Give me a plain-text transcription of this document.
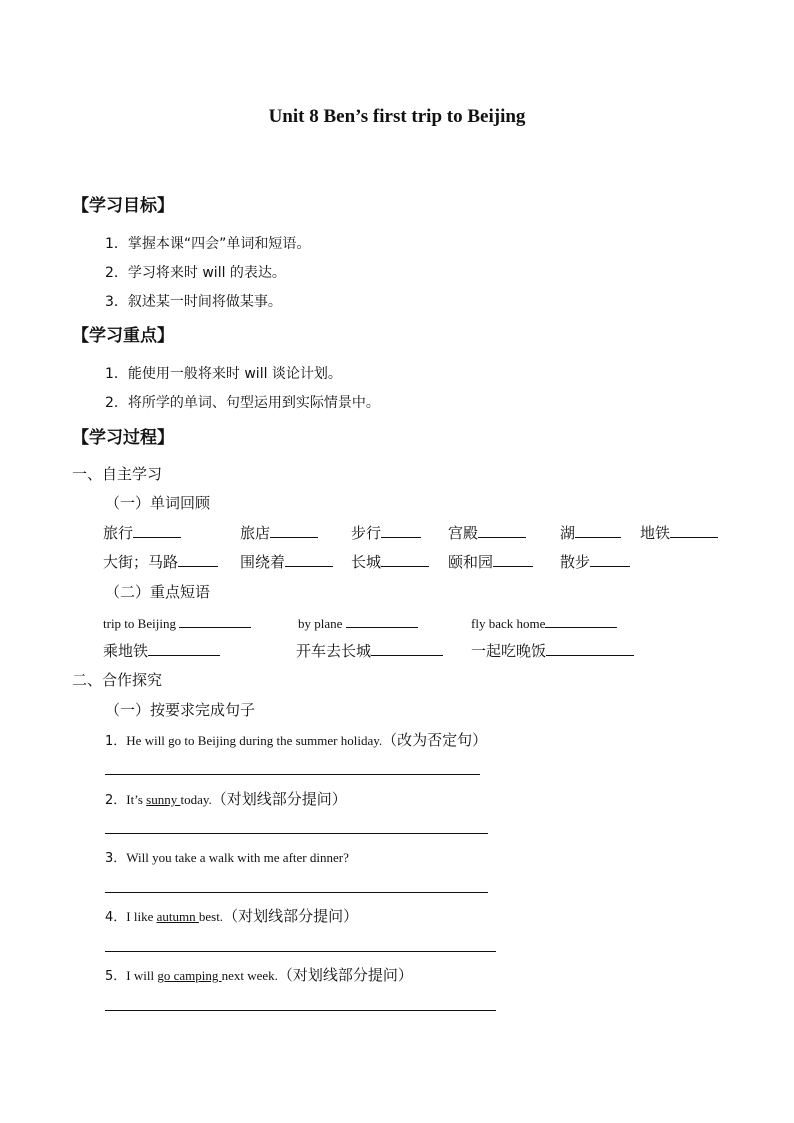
Unit 8 Ben’s first trip to Beijing
【学习目标】
1．掌握本课“四会”单词和短语。
2．学习将来时 will 的表达。
3．叙述某一时间将做某事。
【学习重点】
1．能使用一般将来时 will 谈论计划。
2．将所学的单词、句型运用到实际情景中。
【学习过程】
一、自主学习
（一）单词回顾
旅行	旅店	步行	宫殿	湖	地铁
大街；马路	围绕着	长城	颐和园	散步
（二）重点短语
trip to Beijing	by plane	fly back home
乘地铁	开车去长城	一起吃晚饭
二、合作探究
（一）按要求完成句子
1．He will go to Beijing during the summer holiday.（改为否定句）
2．It’s sunny today.（对划线部分提问）
3．Will you take a walk with me after dinner?
4．I like autumn best.（对划线部分提问）
5．I will go camping next week.（对划线部分提问）
